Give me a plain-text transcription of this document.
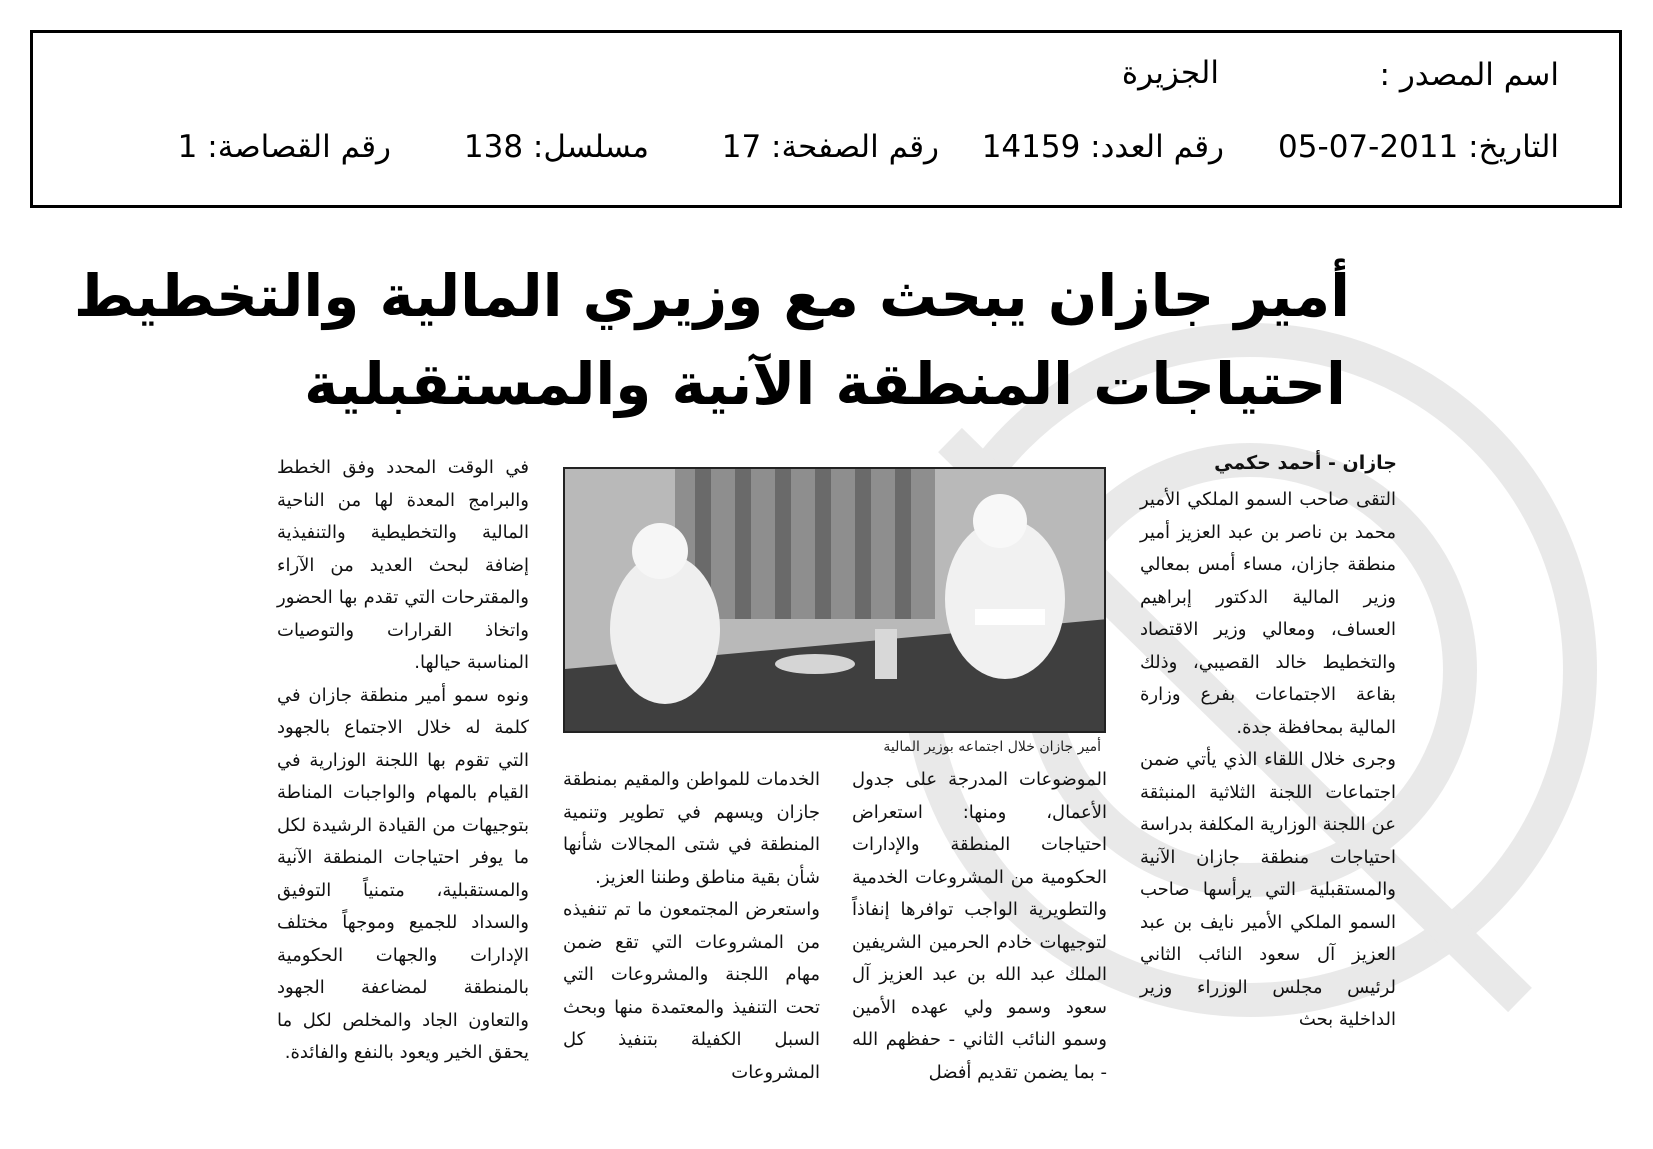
اسم المصدر :
الجزيرة
التاريخ: 2011-07-05
رقم العدد: 14159
رقم الصفحة: 17
مسلسل: 138
رقم القصاصة: 1
أمير جازان يبحث مع وزيري المالية والتخطيط
احتياجات المنطقة الآنية والمستقبلية
جازان - أحمد حكمي

التقى صاحب السمو الملكي الأمير محمد بن ناصر بن عبد العزيز أمير منطقة جازان، مساء أمس بمعالي وزير المالية الدكتور إبراهيم العساف، ومعالي وزير الاقتصاد والتخطيط خالد القصيبي، وذلك بقاعة الاجتماعات بفرع وزارة المالية بمحافظة جدة.
وجرى خلال اللقاء الذي يأتي ضمن اجتماعات اللجنة الثلاثية المنبثقة عن اللجنة الوزارية المكلفة بدراسة احتياجات منطقة جازان الآنية والمستقبلية التي يرأسها صاحب السمو الملكي الأمير نايف بن عبد العزيز آل سعود النائب الثاني لرئيس مجلس الوزراء وزير الداخلية بحث

أمير جازان خلال اجتماعه بوزير المالية

الموضوعات المدرجة على جدول الأعمال، ومنها: استعراض احتياجات المنطقة والإدارات الحكومية من المشروعات الخدمية والتطويرية الواجب توافرها إنفاذاً لتوجيهات خادم الحرمين الشريفين الملك عبد الله بن عبد العزيز آل سعود وسمو ولي عهده الأمين وسمو النائب الثاني - حفظهم الله - بما يضمن تقديم أفضل

الخدمات للمواطن والمقيم بمنطقة جازان ويسهم في تطوير وتنمية المنطقة في شتى المجالات شأنها شأن بقية مناطق وطننا العزيز.
واستعرض المجتمعون ما تم تنفيذه من المشروعات التي تقع ضمن مهام اللجنة والمشروعات التي تحت التنفيذ والمعتمدة منها وبحث السبل الكفيلة بتنفيذ كل المشروعات

في الوقت المحدد وفق الخطط والبرامج المعدة لها من الناحية المالية والتخطيطية والتنفيذية إضافة لبحث العديد من الآراء والمقترحات التي تقدم بها الحضور واتخاذ القرارات والتوصيات المناسبة حيالها.
ونوه سمو أمير منطقة جازان في كلمة له خلال الاجتماع بالجهود التي تقوم بها اللجنة الوزارية في القيام بالمهام والواجبات المناطة بتوجيهات من القيادة الرشيدة لكل ما يوفر احتياجات المنطقة الآنية والمستقبلية، متمنياً التوفيق والسداد للجميع وموجهاً مختلف الإدارات والجهات الحكومية بالمنطقة لمضاعفة الجهود والتعاون الجاد والمخلص لكل ما يحقق الخير ويعود بالنفع والفائدة.
